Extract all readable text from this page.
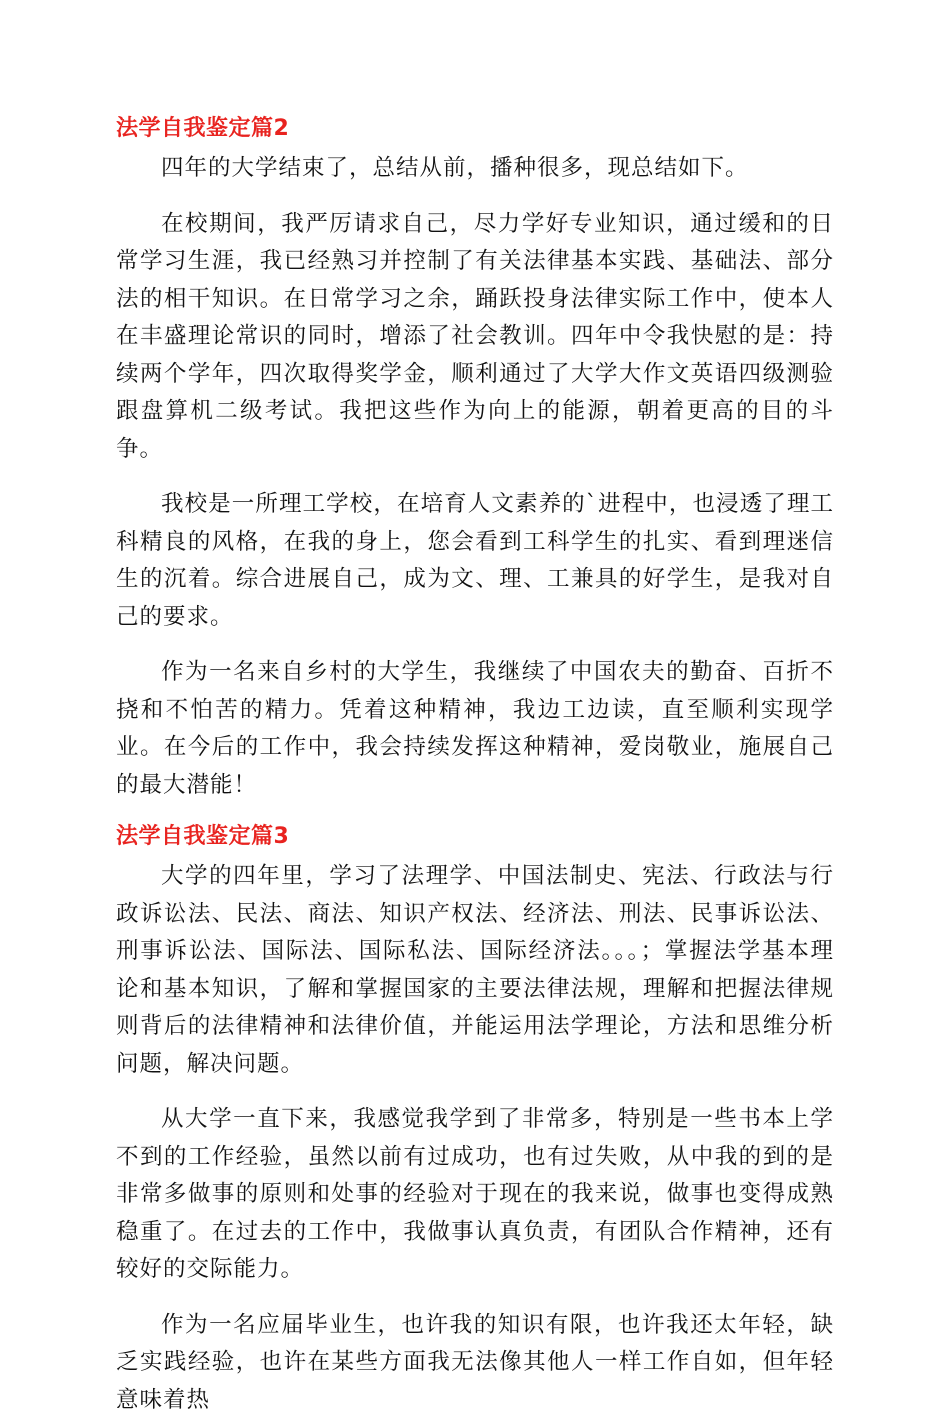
法学自我鉴定篇2

四年的大学结束了，总结从前，播种很多，现总结如下。

在校期间，我严厉请求自己，尽力学好专业知识，通过缓和的日常学习生涯，我已经熟习并控制了有关法律基本实践、基础法、部分法的相干知识。在日常学习之余，踊跃投身法律实际工作中，使本人在丰盛理论常识的同时，增添了社会教训。四年中令我快慰的是：持续两个学年，四次取得奖学金，顺利通过了大学大作文英语四级测验跟盘算机二级考试。我把这些作为向上的能源，朝着更高的目的斗争。

我校是一所理工学校，在培育人文素养的`进程中，也浸透了理工科精良的风格，在我的身上，您会看到工科学生的扎实、看到理迷信生的沉着。综合进展自己，成为文、理、工兼具的好学生，是我对自己的要求。

作为一名来自乡村的大学生，我继续了中国农夫的勤奋、百折不挠和不怕苦的精力。凭着这种精神，我边工边读，直至顺利实现学业。在今后的工作中，我会持续发挥这种精神，爱岗敬业，施展自己的最大潜能！

法学自我鉴定篇3

大学的四年里，学习了法理学、中国法制史、宪法、行政法与行政诉讼法、民法、商法、知识产权法、经济法、刑法、民事诉讼法、刑事诉讼法、国际法、国际私法、国际经济法。。。；掌握法学基本理论和基本知识，了解和掌握国家的主要法律法规，理解和把握法律规则背后的法律精神和法律价值，并能运用法学理论，方法和思维分析问题，解决问题。

从大学一直下来，我感觉我学到了非常多，特别是一些书本上学不到的工作经验，虽然以前有过成功，也有过失败，从中我的到的是非常多做事的原则和处事的经验对于现在的我来说，做事也变得成熟稳重了。在过去的工作中，我做事认真负责，有团队合作精神，还有较好的交际能力。

作为一名应届毕业生，也许我的知识有限，也许我还太年轻，缺乏实践经验，也许在某些方面我无法像其他人一样工作自如，但年轻意味着热
